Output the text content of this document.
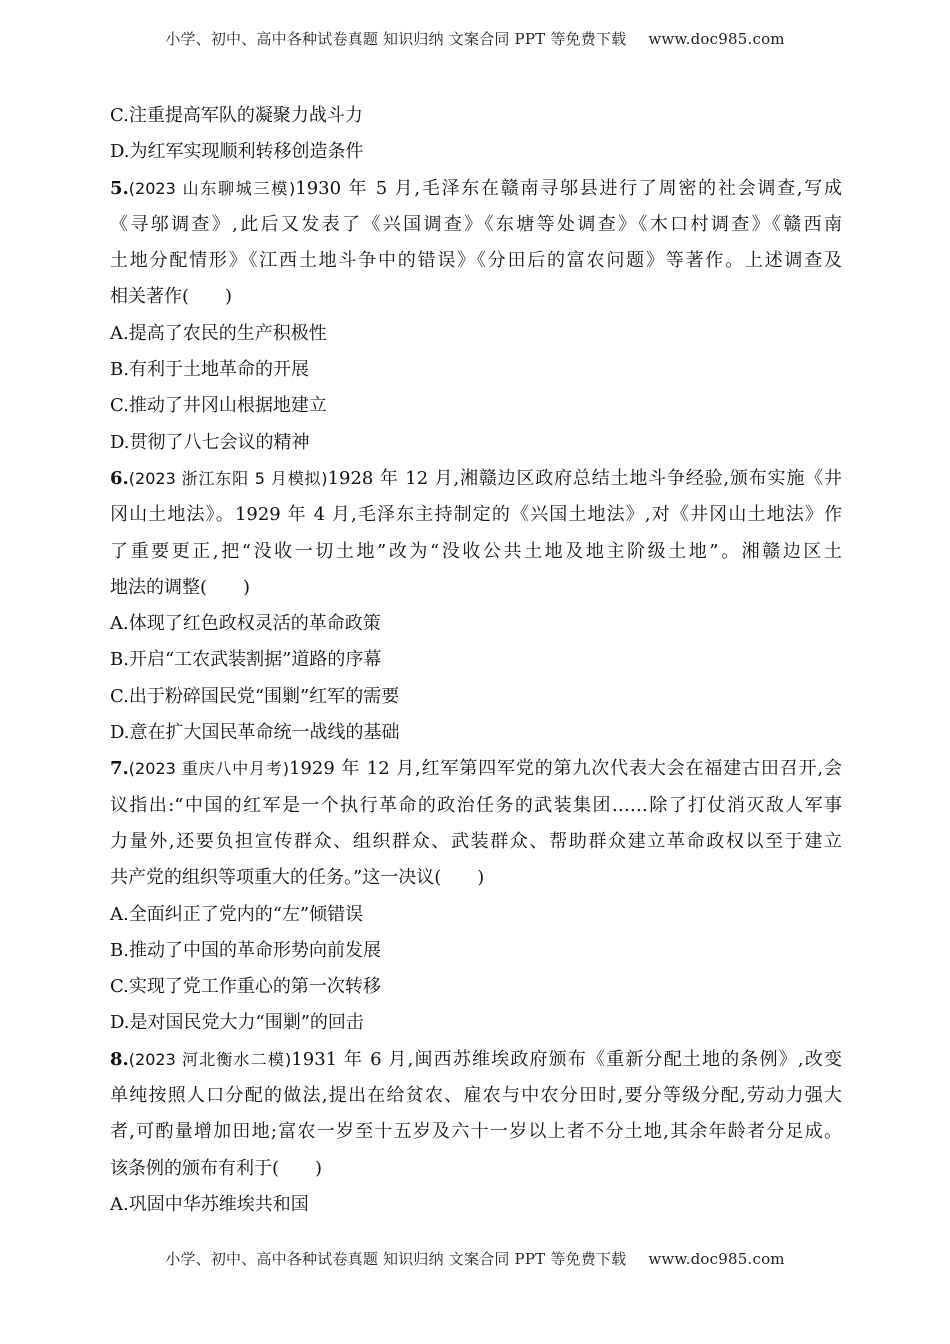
小学、初中、高中各种试卷真题 知识归纳 文案合同 PPT 等免费下载 www.doc985.com
C.注重提高军队的凝聚力战斗力
D.为红军实现顺利转移创造条件
5.(2023 山东聊城三模)1930 年 5 月,毛泽东在赣南寻邬县进行了周密的社会调查,写成
《寻邬调查》,此后又发表了《兴国调查》《东塘等处调查》《木口村调查》《赣西南
土地分配情形》《江西土地斗争中的错误》《分田后的富农问题》等著作。上述调查及
相关著作(　　)
A.提高了农民的生产积极性
B.有利于土地革命的开展
C.推动了井冈山根据地建立
D.贯彻了八七会议的精神
6.(2023 浙江东阳 5 月模拟)1928 年 12 月,湘赣边区政府总结土地斗争经验,颁布实施《井
冈山土地法》。1929 年 4 月,毛泽东主持制定的《兴国土地法》,对《井冈山土地法》作
了重要更正,把“没收一切土地”改为“没收公共土地及地主阶级土地”。湘赣边区土
地法的调整(　　)
A.体现了红色政权灵活的革命政策
B.开启“工农武装割据”道路的序幕
C.出于粉碎国民党“围剿”红军的需要
D.意在扩大国民革命统一战线的基础
7.(2023 重庆八中月考)1929 年 12 月,红军第四军党的第九次代表大会在福建古田召开,会
议指出:“中国的红军是一个执行革命的政治任务的武装集团……除了打仗消灭敌人军事
力量外,还要负担宣传群众、组织群众、武装群众、帮助群众建立革命政权以至于建立
共产党的组织等项重大的任务。”这一决议(　　)
A.全面纠正了党内的“左”倾错误
B.推动了中国的革命形势向前发展
C.实现了党工作重心的第一次转移
D.是对国民党大力“围剿”的回击
8.(2023 河北衡水二模)1931 年 6 月,闽西苏维埃政府颁布《重新分配土地的条例》,改变
单纯按照人口分配的做法,提出在给贫农、雇农与中农分田时,要分等级分配,劳动力强大
者,可酌量增加田地;富农一岁至十五岁及六十一岁以上者不分土地,其余年龄者分足成。
该条例的颁布有利于(　　)
A.巩固中华苏维埃共和国
小学、初中、高中各种试卷真题 知识归纳 文案合同 PPT 等免费下载 www.doc985.com
